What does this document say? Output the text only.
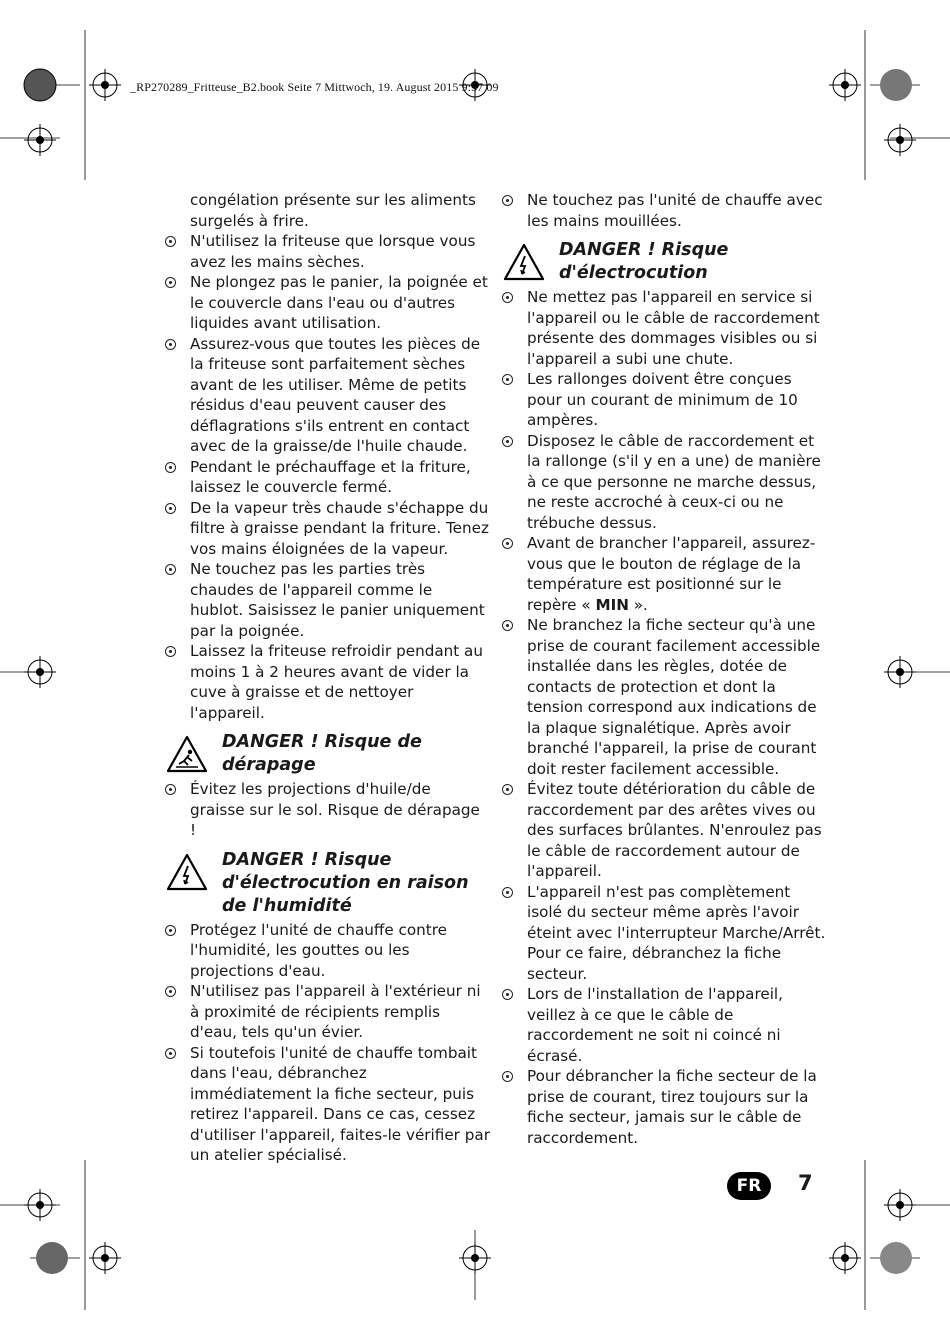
_RP270289_Fritteuse_B2.book Seite 7 Mittwoch, 19. August 2015 9:57 09

congélation présente sur les aliments surgelés à frire.

N'utilisez la friteuse que lorsque vous avez les mains sèches.
Ne plongez pas le panier, la poignée et le couvercle dans l'eau ou d'autres liquides avant utilisation.
Assurez-vous que toutes les pièces de la friteuse sont parfaitement sèches avant de les utiliser. Même de petits résidus d'eau peuvent causer des déflagrations s'ils entrent en contact avec de la graisse/de l'huile chaude.
Pendant le préchauffage et la friture, laissez le couvercle fermé.
De la vapeur très chaude s'échappe du filtre à graisse pendant la friture. Tenez vos mains éloignées de la vapeur.
Ne touchez pas les parties très chaudes de l'appareil comme le hublot. Saisissez le panier uniquement par la poignée.
Laissez la friteuse refroidir pendant au moins 1 à 2 heures avant de vider la cuve à graisse et de nettoyer l'appareil.
DANGER ! Risque de dérapage
Évitez les projections d'huile/de graisse sur le sol. Risque de dérapage !
DANGER ! Risque d'électrocution en raison de l'humidité
Protégez l'unité de chauffe contre l'humidité, les gouttes ou les projections d'eau.
N'utilisez pas l'appareil à l'extérieur ni à proximité de récipients remplis d'eau, tels qu'un évier.
Si toutefois l'unité de chauffe tombait dans l'eau, débranchez immédiatement la fiche secteur, puis retirez l'appareil. Dans ce cas, cessez d'utiliser l'appareil, faites-le vérifier par un atelier spécialisé.
Ne touchez pas l'unité de chauffe avec les mains mouillées.
DANGER ! Risque d'électrocution
Ne mettez pas l'appareil en service si l'appareil ou le câble de raccordement présente des dommages visibles ou si l'appareil a subi une chute.
Les rallonges doivent être conçues pour un courant de minimum de 10 ampères.
Disposez le câble de raccordement et la rallonge (s'il y en a une) de manière à ce que personne ne marche dessus, ne reste accroché à ceux-ci ou ne trébuche dessus.
Avant de brancher l'appareil, assurez-vous que le bouton de réglage de la température est positionné sur le repère « MIN ».
Ne branchez la fiche secteur qu'à une prise de courant facilement accessible installée dans les règles, dotée de contacts de protection et dont la tension correspond aux indications de la plaque signalétique. Après avoir branché l'appareil, la prise de courant doit rester facilement accessible.
Évitez toute détérioration du câble de raccordement par des arêtes vives ou des surfaces brûlantes. N'enroulez pas le câble de raccordement autour de l'appareil.
L'appareil n'est pas complètement isolé du secteur même après l'avoir éteint avec l'interrupteur Marche/Arrêt. Pour ce faire, débranchez la fiche secteur.
Lors de l'installation de l'appareil, veillez à ce que le câble de raccordement ne soit ni coincé ni écrasé.
Pour débrancher la fiche secteur de la prise de courant, tirez toujours sur la fiche secteur, jamais sur le câble de raccordement.
FR	7
